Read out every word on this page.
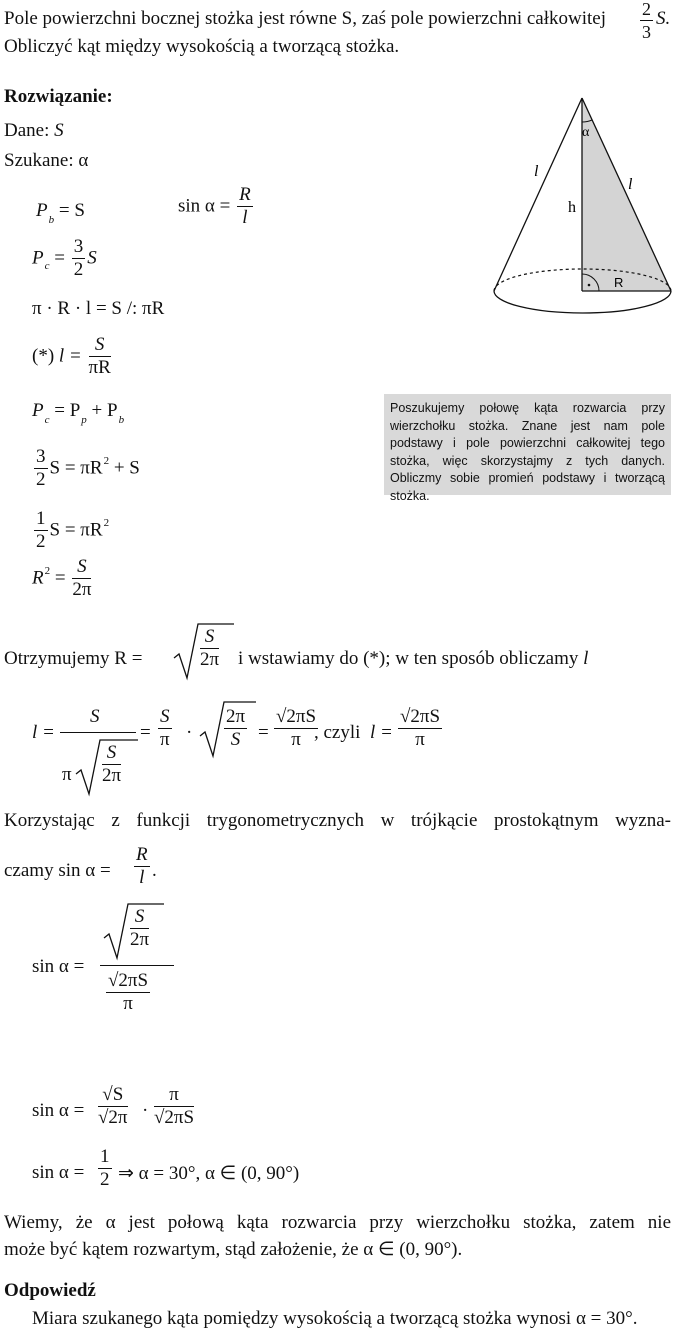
Pole powierzchni bocznej stożka jest równe S, zaś pole powierzchni całkowitej $\frac{2}{3} S$.
Obliczyć kąt między wysokością a tworzącą stożka.
Rozwiązanie:
Dane: S
Szukane: α
$P_b = S$	$\sin \alpha = \frac{R}{l}$
$P_c = \frac{3}{2}$ S
π · R · l = S /: πR
(*) $l = \frac{S}{\pi R}$
$P_c = P_p + P_b$
$\frac{3}{2}$ $S = \pi R^2 + S$
$\frac{1}{2}$ $S = \pi R^2$
$R^2 = \frac{S}{2\pi}$
α
l
l
h
R
Poszukujemy połowę kąta rozwarcia przy wierzchołku stożka. Znane jest nam pole podstawy i pole powierzchni całkowitej tego stożka, więc skorzystajmy z tych danych. Obliczmy sobie promień podstawy i tworzącą stożka.
Otrzymujemy R =	$\frac{S}{2\pi}$ i wstawiamy do (*); w ten sposób obliczamy l
l =
S
π $\frac{S}{2\pi}$
= $\frac{S}{\pi} \cdot \frac{2\pi}{S} = \frac{√2\pi S}{\pi}$
, czyli $l = \frac{√2\pi S}{\pi}$
Korzystając z funkcji trygonometrycznych w trójkącie prostokątnym wyzna-
czamy $\sin \alpha = \frac{R}{l}$ .
sin α =
$\frac{S}{2\pi}$
$\frac{√2\pi S}{\pi}$
$\sin \alpha = \frac{√S}{√2\pi} \cdot \frac{\pi}{√2\pi S}$
$\sin \alpha = \frac{1}{2}$ ⇒ α = 30°, α ∈ (0, 90°)
Wiemy, że α jest połową kąta rozwarcia przy wierzchołku stożka, zatem nie
może być kątem rozwartym, stąd założenie, że α ∈ (0, 90°).
Odpowiedź
Miara szukanego kąta pomiędzy wysokością a tworzącą stożka wynosi α = 30°.
